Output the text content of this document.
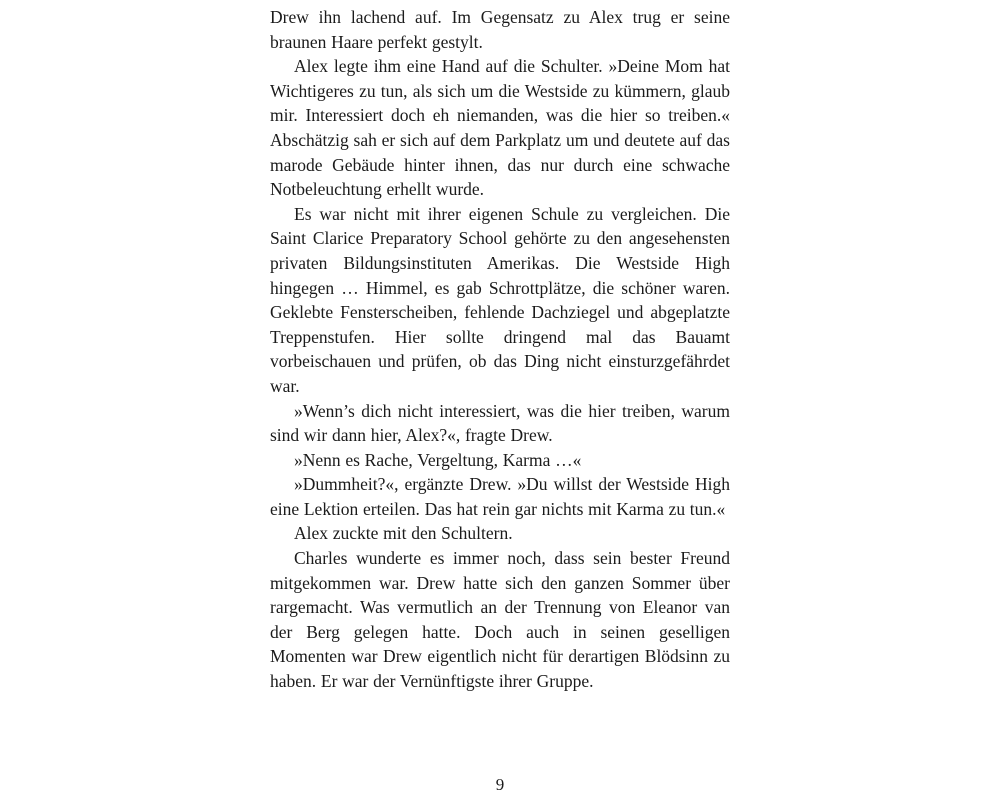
Drew ihn lachend auf. Im Gegensatz zu Alex trug er seine braunen Haare perfekt gestylt.

Alex legte ihm eine Hand auf die Schulter. »Deine Mom hat Wichtigeres zu tun, als sich um die Westside zu kümmern, glaub mir. Interessiert doch eh niemanden, was die hier so treiben.« Abschätzig sah er sich auf dem Parkplatz um und deutete auf das marode Gebäude hinter ihnen, das nur durch eine schwache Notbeleuchtung erhellt wurde.

Es war nicht mit ihrer eigenen Schule zu vergleichen. Die Saint Clarice Preparatory School gehörte zu den angesehensten privaten Bildungsinstituten Amerikas. Die Westside High hingegen … Himmel, es gab Schrottplätze, die schöner waren. Geklebte Fensterscheiben, fehlende Dachziegel und abgeplatzte Treppenstufen. Hier sollte dringend mal das Bauamt vorbeischauen und prüfen, ob das Ding nicht einsturzgefährdet war.

»Wenn’s dich nicht interessiert, was die hier treiben, warum sind wir dann hier, Alex?«, fragte Drew.

»Nenn es Rache, Vergeltung, Karma …«

»Dummheit?«, ergänzte Drew. »Du willst der Westside High eine Lektion erteilen. Das hat rein gar nichts mit Karma zu tun.«

Alex zuckte mit den Schultern.

Charles wunderte es immer noch, dass sein bester Freund mitgekommen war. Drew hatte sich den ganzen Sommer über rargemacht. Was vermutlich an der Trennung von Eleanor van der Berg gelegen hatte. Doch auch in seinen geselligen Momenten war Drew eigentlich nicht für derartigen Blödsinn zu haben. Er war der Vernünftigste ihrer Gruppe.

9
